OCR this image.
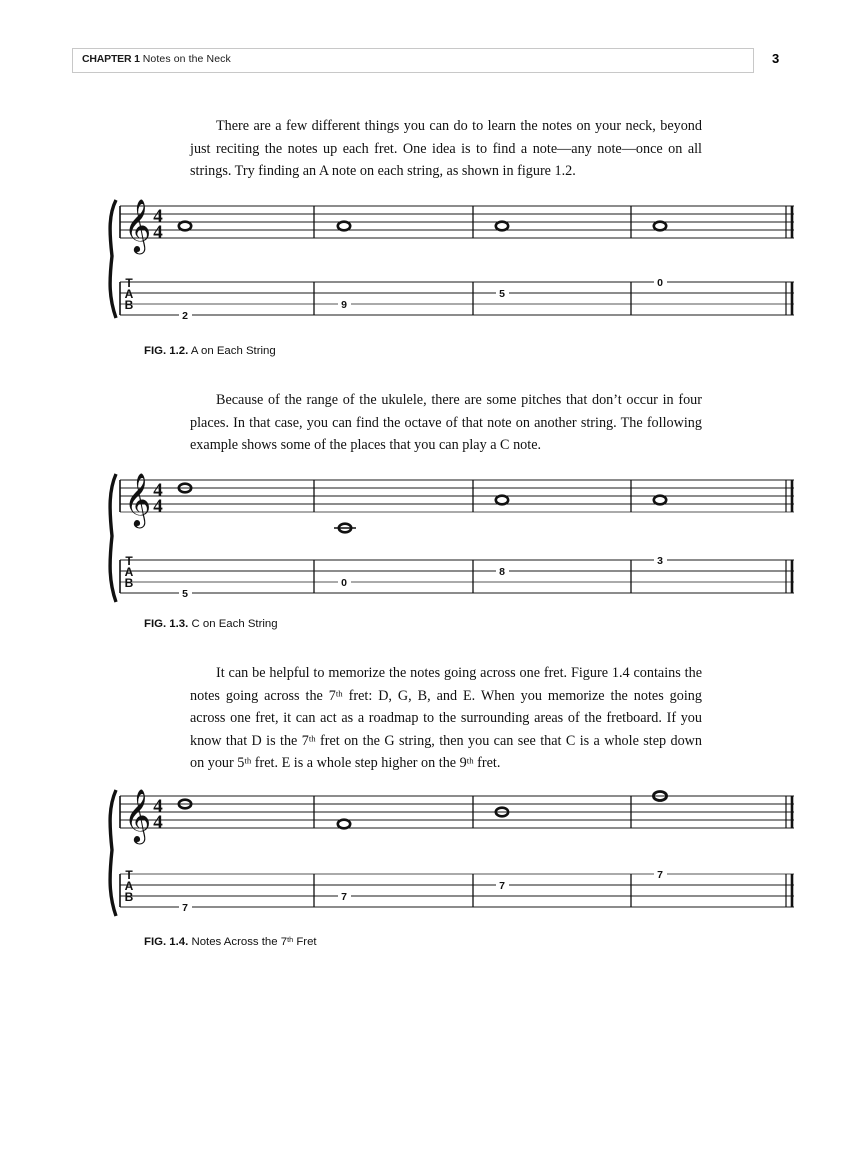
CHAPTER 1 Notes on the Neck	3
There are a few different things you can do to learn the notes on your neck, beyond just reciting the notes up each fret. One idea is to find a note—any note—once on all strings. Try finding an A note on each string, as shown in figure 1.2.
𝄞 4
4
T
A
B
2
9
5
0
FIG. 1.2. A on Each String
Because of the range of the ukulele, there are some pitches that don’t occur in four places. In that case, you can find the octave of that note on another string. The following example shows some of the places that you can play a C note.
𝄞 4
4
T
A
B
5
0
8
3
FIG. 1.3. C on Each String
It can be helpful to memorize the notes going across one fret. Figure 1.4 contains the notes going across the 7th fret: D, G, B, and E. When you memorize the notes going across one fret, it can act as a roadmap to the surrounding areas of the fretboard. If you know that D is the 7th fret on the G string, then you can see that C is a whole step down on your 5th fret. E is a whole step higher on the 9th fret.
𝄞 4
4
T
A
B
7
7
7
7
FIG. 1.4. Notes Across the 7th Fret
